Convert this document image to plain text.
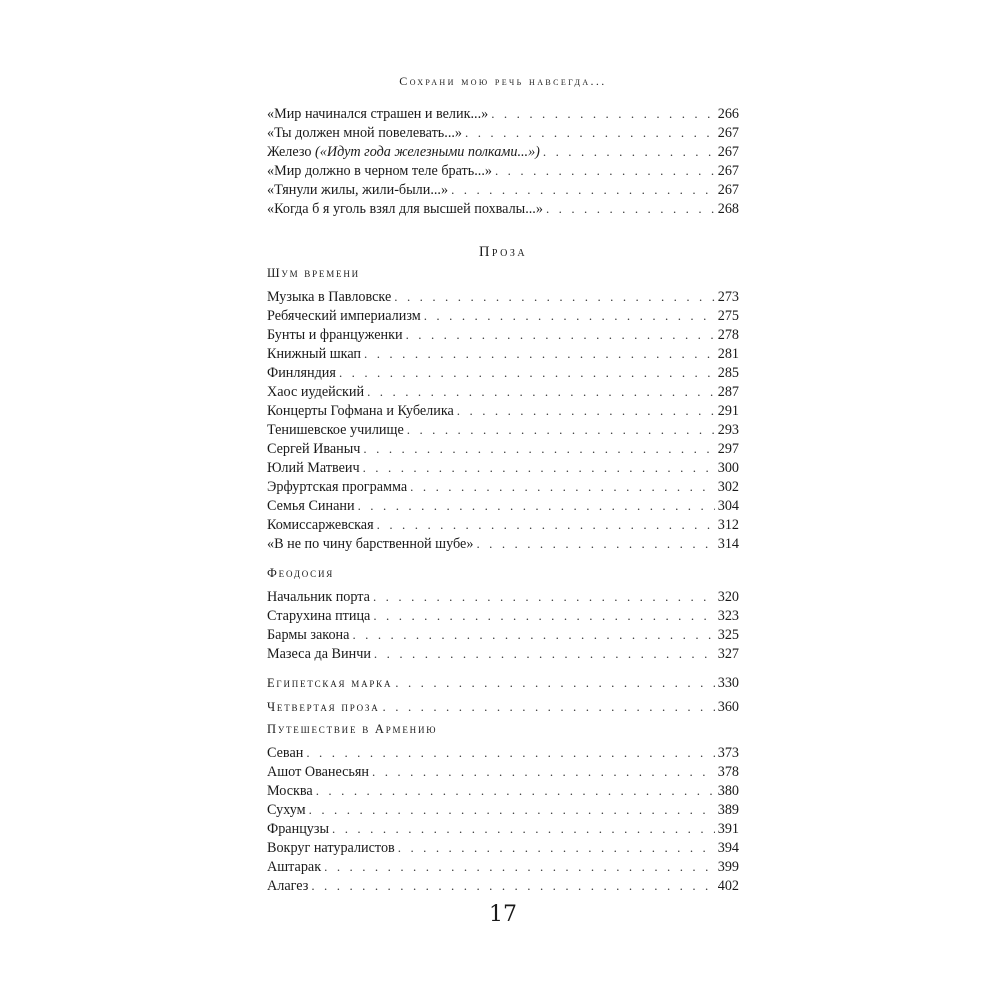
Сохрани мою речь навсегда...
«Мир начинался страшен и велик...» . . .	266
«Ты должен мной повелевать...» . . .	267
Железо («Идут года железными полками...») . . .	267
«Мир должно в черном теле брать...» . . .	267
«Тянули жилы, жили-были...» . . .	267
«Когда б я уголь взял для высшей похвалы...» . . .	268
Проза
Шум времени
Музыка в Павловске . . .	273
Ребяческий империализм . . .	275
Бунты и француженки . . .	278
Книжный шкап . . .	281
Финляндия . . .	285
Хаос иудейский . . .	287
Концерты Гофмана и Кубелика . . .	291
Тенишевское училище . . .	293
Сергей Иваныч . . .	297
Юлий Матвеич . . .	300
Эрфуртская программа . . .	302
Семья Синани . . .	304
Комиссаржевская . . .	312
«В не по чину барственной шубе» . . .	314
Феодосия
Начальник порта . . .	320
Старухина птица . . .	323
Бармы закона . . .	325
Мазеса да Винчи . . .	327
Египетская марка . . .	330
Четвертая проза . . .	360
Путешествие в Армению
Севан . . .	373
Ашот Ованесьян . . .	378
Москва . . .	380
Сухум . . .	389
Французы . . .	391
Вокруг натуралистов . . .	394
Аштарак . . .	399
Алагез . . .	402
17
